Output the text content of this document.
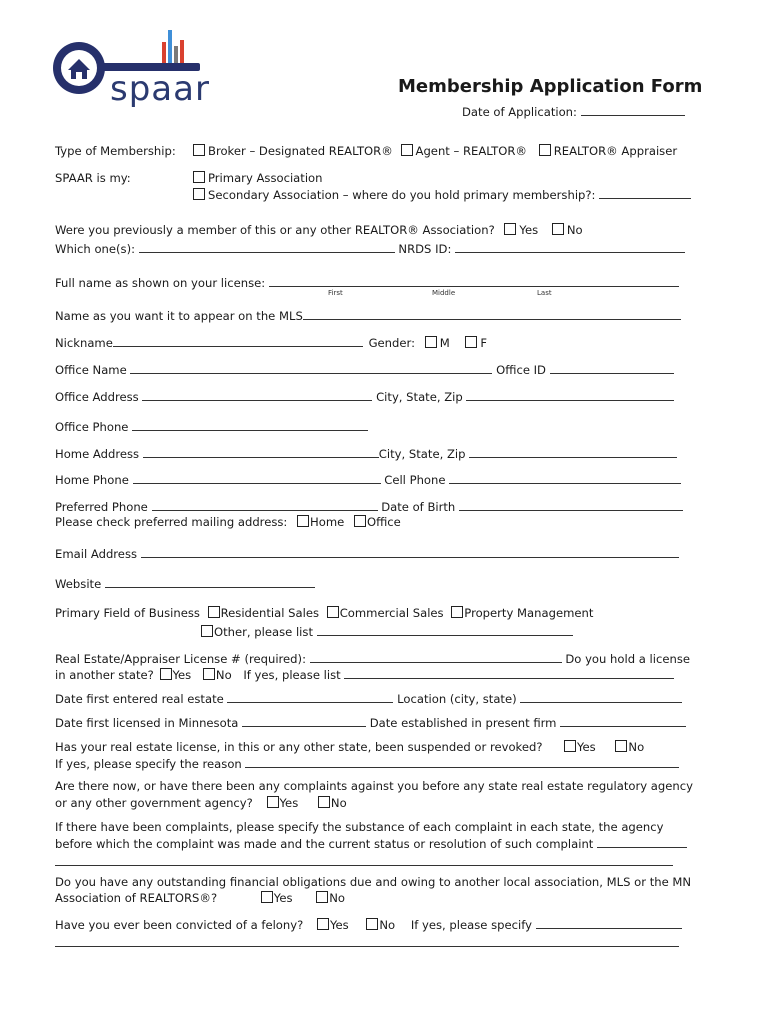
spaar	Membership Application Form
Date of Application:
Type of Membership:	Broker – Designated REALTOR® Agent – REALTOR® REALTOR® Appraiser
SPAAR is my:	Primary Association
Secondary Association – where do you hold primary membership?:
Were you previously a member of this or any other REALTOR® Association? Yes No
Which one(s):	NRDS ID:
Full name as shown on your license:
First	Middle	Last
Name as you want it to appear on the MLS
Nickname	Gender: M	F
Office Name	Office ID
Office Address	City, State, Zip
Office Phone
Home Address	City, State, Zip
Home Phone	Cell Phone
Preferred Phone	Date of Birth
Please check preferred mailing address: Home Office
Email Address
Website
Primary Field of Business Residential Sales Commercial Sales Property Management
Other, please list
Real Estate/Appraiser License # (required):	Do you hold a license
in another state? Yes No If yes, please list
Date first entered real estate	Location (city, state)
Date first licensed in Minnesota	Date established in present firm
Has your real estate license, in this or any other state, been suspended or revoked?	Yes	No
If yes, please specify the reason
Are there now, or have there been any complaints against you before any state real estate regulatory agency
or any other government agency? Yes	No
If there have been complaints, please specify the substance of each complaint in each state, the agency
before which the complaint was made and the current status or resolution of such complaint
Do you have any outstanding financial obligations due and owing to another local association, MLS or the MN
Association of REALTORS®?	Yes	No
Have you ever been convicted of a felony? Yes	No If yes, please specify
